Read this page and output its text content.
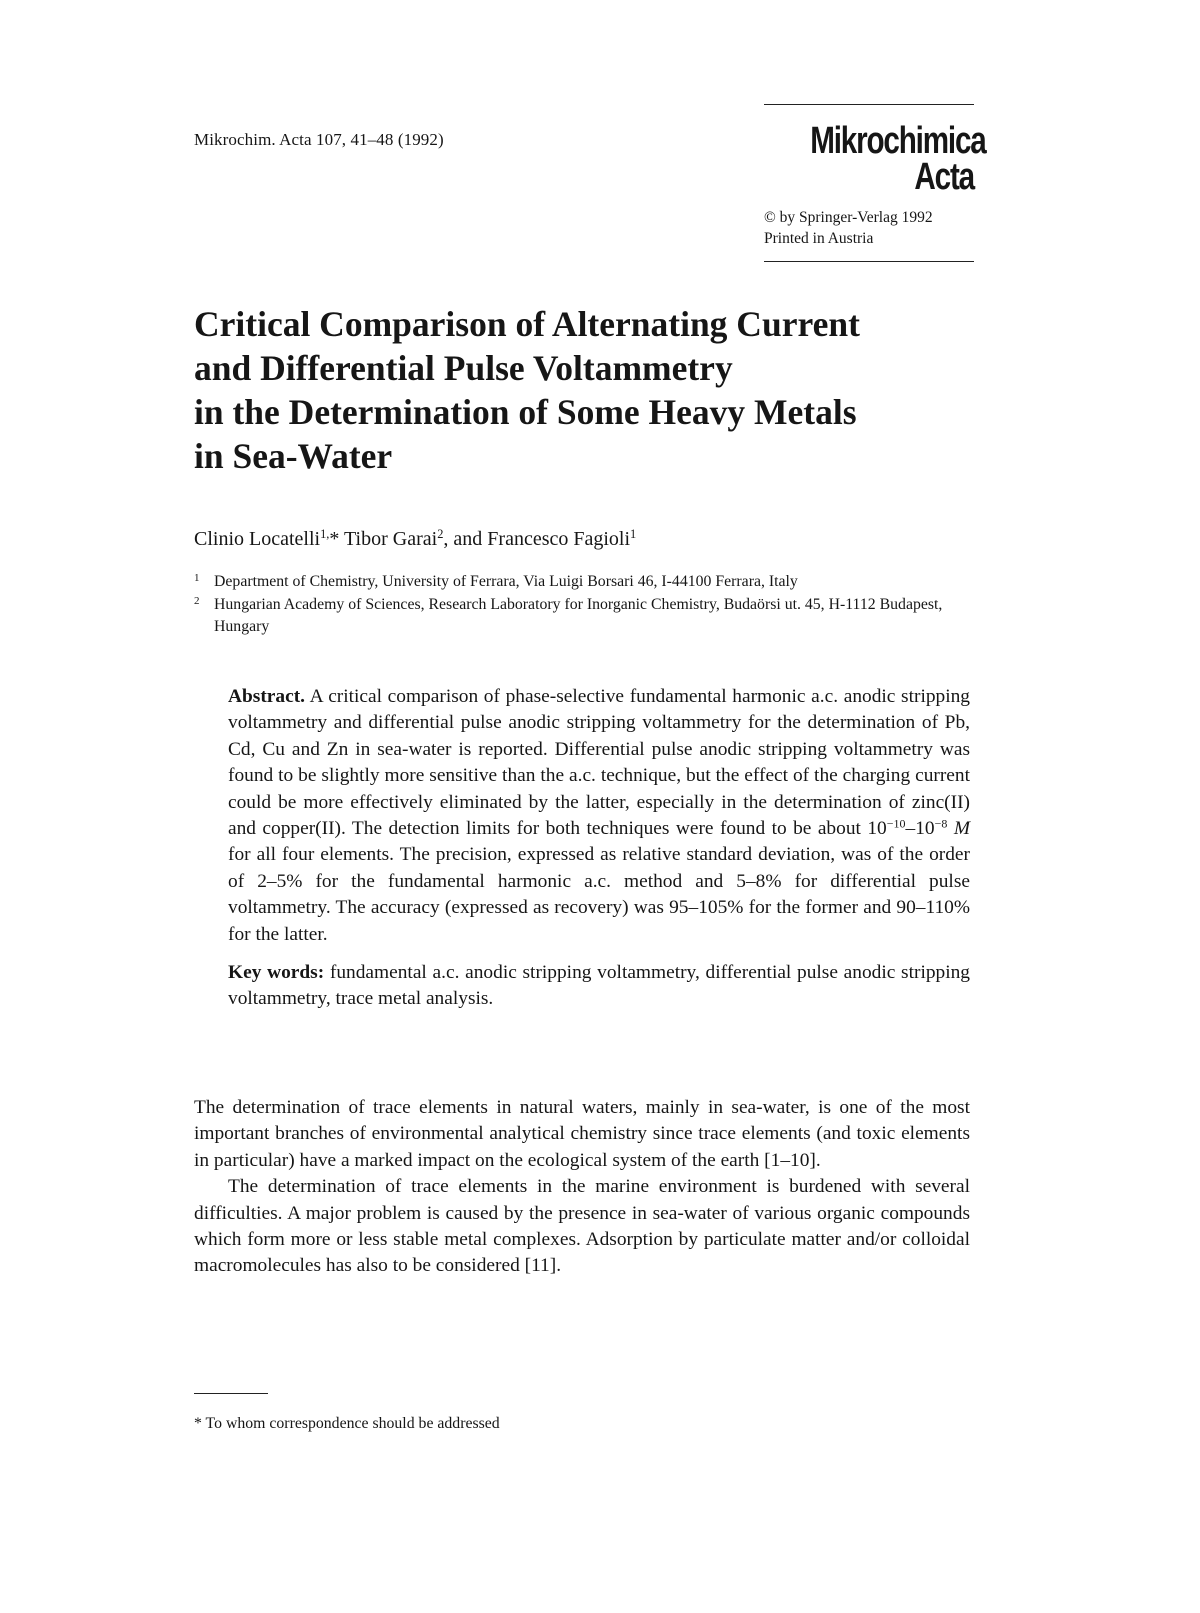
Mikrochim. Acta 107, 41–48 (1992)	Mikrochimica
Acta
© by Springer-Verlag 1992
Printed in Austria
Critical Comparison of Alternating Current
and Differential Pulse Voltammetry
in the Determination of Some Heavy Metals
in Sea-Water
Clinio Locatelli$^{1,}$* Tibor Garai$^2$, and Francesco Fagioli$^1$
1 Department of Chemistry, University of Ferrara, Via Luigi Borsari 46, I-44100 Ferrara, Italy
2 Hungarian Academy of Sciences, Research Laboratory for Inorganic Chemistry, Budaörsi ut. 45, H-1112 Budapest, Hungary

Abstract. A critical comparison of phase-selective fundamental harmonic a.c. anodic stripping voltammetry and differential pulse anodic stripping voltammetry for the determination of Pb, Cd, Cu and Zn in sea-water is reported. Differential pulse anodic stripping voltammetry was found to be slightly more sensitive than the a.c. technique, but the effect of the charging current could be more effectively eliminated by the latter, especially in the determination of zinc(II) and copper(II). The detection limits for both techniques were found to be about $10^{-10}-10^{-8}$ M for all four elements. The precision, expressed as relative standard deviation, was of the order of 2–5% for the fundamental harmonic a.c. method and 5–8% for differential pulse voltammetry. The accuracy (expressed as recovery) was 95–105% for the former and 90–110% for the latter.

Key words: fundamental a.c. anodic stripping voltammetry, differential pulse anodic stripping voltammetry, trace metal analysis.

The determination of trace elements in natural waters, mainly in sea-water, is one of the most important branches of environmental analytical chemistry since trace elements (and toxic elements in particular) have a marked impact on the ecological system of the earth [1–10].

The determination of trace elements in the marine environment is burdened with several difficulties. A major problem is caused by the presence in sea-water of various organic compounds which form more or less stable metal complexes. Adsorption by particulate matter and/or colloidal macromolecules has also to be considered [11].

* To whom correspondence should be addressed
